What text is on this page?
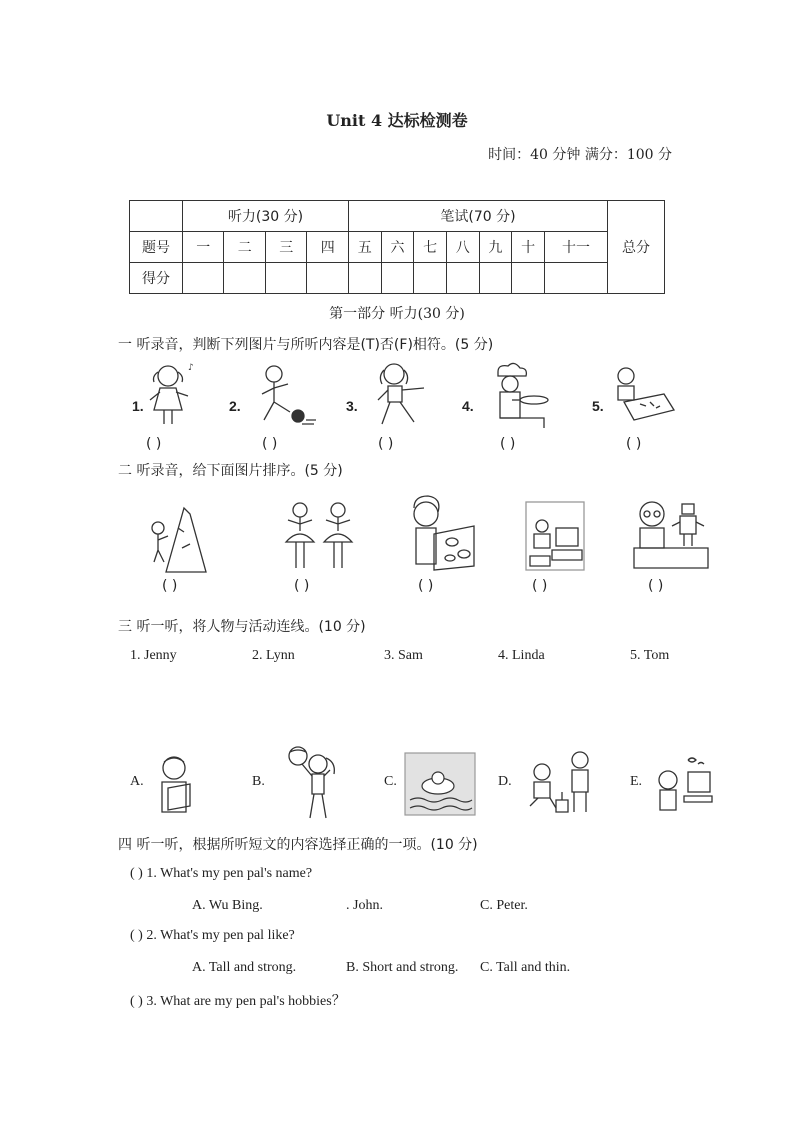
Unit 4 达标检测卷
时间：40 分钟 满分：100 分
	听力(30 分)				笔试(70 分)							总分
题号	一	二	三	四	五	六	七	八	九	十	十一	
得分												
第一部分 听力(30 分)
一 听录音，判断下列图片与所听内容是(T)否(F)相符。(5 分)
1.
♪
( )
2.
( )
3.
( )
4.
( )
5.
( )
二 听录音，给下面图片排序。(5 分)
( )	( )	( )	( )	( )
三 听一听，将人物与活动连线。(10 分)
1. Jenny	2. Lynn	3. Sam	4. Linda	5. Tom
A.	B.	C.	D.	E.
四 听一听，根据所听短文的内容选择正确的一项。(10 分)
( ) 1. What's my pen pal's name?
A. Wu Bing.	. John.	C. Peter.
( ) 2. What's my pen pal like?
A. Tall and strong.	B. Short and strong. C. Tall and thin.
( ) 3. What are my pen pal's hobbies？
